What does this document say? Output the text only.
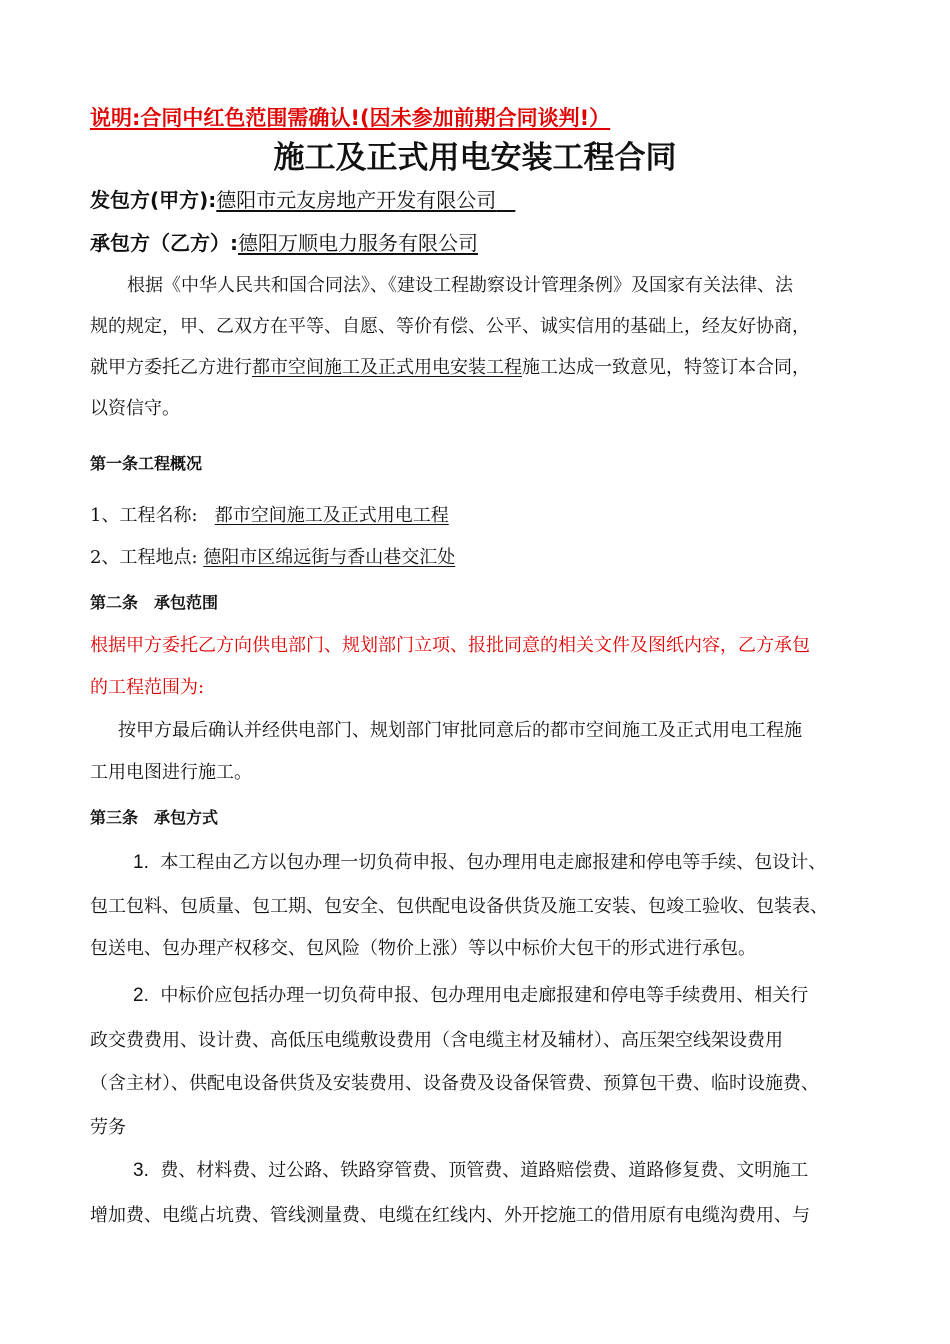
说明:合同中红色范围需确认!(因未参加前期合同谈判!）
施工及正式用电安装工程合同
发包方(甲方):德阳市元友房地产开发有限公司
承包方（乙方）:德阳万顺电力服务有限公司
根据《中华人民共和国合同法》、《建设工程勘察设计管理条例》及国家有关法律、法
规的规定，甲、乙双方在平等、自愿、等价有偿、公平、诚实信用的基础上，经友好协商，
就甲方委托乙方进行都市空间施工及正式用电安装工程施工达成一致意见，特签订本合同，
以资信守。
第一条工程概况
1、工程名称: 都市空间施工及正式用电工程
2、工程地点: 德阳市区绵远街与香山巷交汇处
第二条　承包范围
根据甲方委托乙方向供电部门、规划部门立项、报批同意的相关文件及图纸内容，乙方承包
的工程范围为:
按甲方最后确认并经供电部门、规划部门审批同意后的都市空间施工及正式用电工程施
工用电图进行施工。
第三条　承包方式
1. 本工程由乙方以包办理一切负荷申报、包办理用电走廊报建和停电等手续、包设计、
包工包料、包质量、包工期、包安全、包供配电设备供货及施工安装、包竣工验收、包装表、
包送电、包办理产权移交、包风险（物价上涨）等以中标价大包干的形式进行承包。
2. 中标价应包括办理一切负荷申报、包办理用电走廊报建和停电等手续费用、相关行
政交费费用、设计费、高低压电缆敷设费用（含电缆主材及辅材）、高压架空线架设费用
（含主材）、供配电设备供货及安装费用、设备费及设备保管费、预算包干费、临时设施费、
劳务
3. 费、材料费、过公路、铁路穿管费、顶管费、道路赔偿费、道路修复费、文明施工
增加费、电缆占坑费、管线测量费、电缆在红线内、外开挖施工的借用原有电缆沟费用、与
